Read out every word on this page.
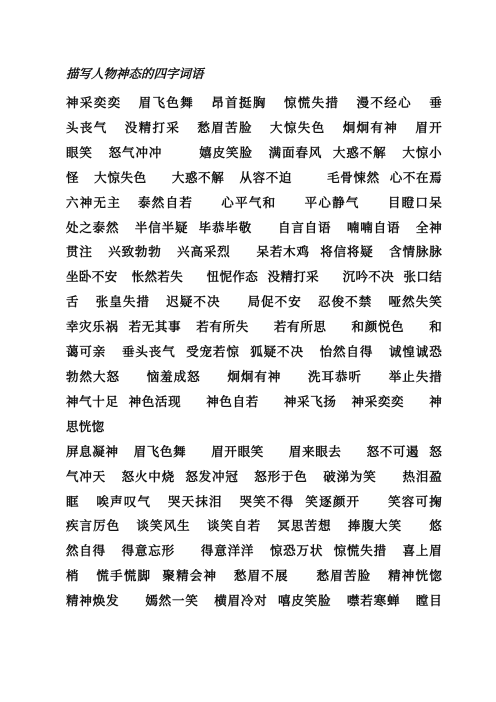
描写人物神态的四字词语
神采奕奕   眉飞色舞   昂首挺胸   惊慌失措   漫不经心   垂
头丧气   没精打采   愁眉苦脸   大惊失色   炯炯有神   眉开
眼笑   怒气冲冲       嬉皮笑脸   满面春风  大惑不解   大惊小
怪   大惊失色     大惑不解   从容不迫       毛骨悚然  心不在焉
六神无主   泰然自若     心平气和     平心静气     目瞪口呆
处之泰然   半信半疑  毕恭毕敬     自言自语   喃喃自语   全神
贯注   兴致勃勃   兴高采烈     呆若木鸡  将信将疑   含情脉脉
坐卧不安   怅然若失     忸怩作态  没精打采     沉吟不决  张口结
舌   张皇失措   迟疑不决     局促不安   忍俊不禁   哑然失笑
幸灾乐祸  若无其事   若有所失     若有所思     和颜悦色     和
蔼可亲   垂头丧气  受宠若惊  狐疑不决   怡然自得   诚惶诚恐
勃然大怒     恼羞成怒     炯炯有神     洗耳恭听     举止失措
神气十足  神色活现     神色自若     神采飞扬   神采奕奕     神
思恍惚
屏息凝神   眉飞色舞     眉开眼笑     眉来眼去     怒不可遏  怒
气冲天   怒火中烧  怒发冲冠   怒形于色   破涕为笑     热泪盈
眶   唉声叹气   哭天抹泪   哭笑不得  笑逐颜开     笑容可掬
疾言厉色   谈笑风生   谈笑自若   冥思苦想   捧腹大笑     悠
然自得   得意忘形     得意洋洋   惊恐万状  惊慌失措   喜上眉
梢   慌手慌脚  聚精会神   愁眉不展     愁眉苦脸   精神恍惚
精神焕发     嫣然一笑   横眉冷对  嘻皮笑脸   噤若寒蝉   瞠目
